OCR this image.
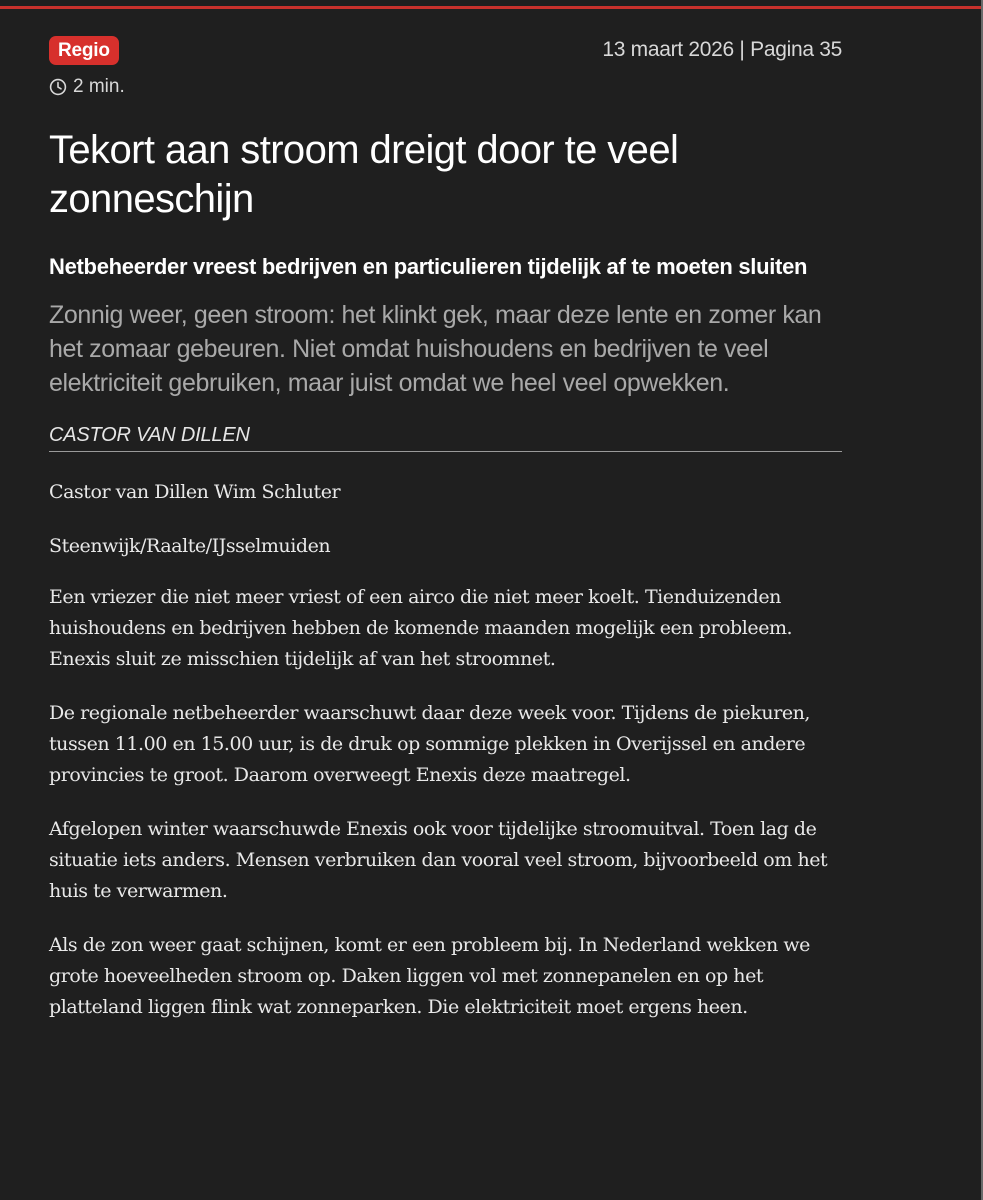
Regio	13 maart 2026 | Pagina 35
2 min.
Tekort aan stroom dreigt door te veel zonneschijn
Netbeheerder vreest bedrijven en particulieren tijdelijk af te moeten sluiten

Zonnig weer, geen stroom: het klinkt gek, maar deze lente en zomer kan het zomaar gebeuren. Niet omdat huishoudens en bedrijven te veel elektriciteit gebruiken, maar juist omdat we heel veel opwekken.

CASTOR VAN DILLEN

Castor van Dillen Wim Schluter

Steenwijk/Raalte/IJsselmuiden

Een vriezer die niet meer vriest of een airco die niet meer koelt. Tienduizenden huishoudens en bedrijven hebben de komende maanden mogelijk een probleem. Enexis sluit ze misschien tijdelijk af van het stroomnet.

De regionale netbeheerder waarschuwt daar deze week voor. Tijdens de piekuren, tussen 11.00 en 15.00 uur, is de druk op sommige plekken in Overijssel en andere provincies te groot. Daarom overweegt Enexis deze maatregel.

Afgelopen winter waarschuwde Enexis ook voor tijdelijke stroomuitval. Toen lag de situatie iets anders. Mensen verbruiken dan vooral veel stroom, bijvoorbeeld om het huis te verwarmen.

Als de zon weer gaat schijnen, komt er een probleem bij. In Nederland wekken we grote hoeveelheden stroom op. Daken liggen vol met zonnepanelen en op het platteland liggen flink wat zonneparken. Die elektriciteit moet ergens heen.
